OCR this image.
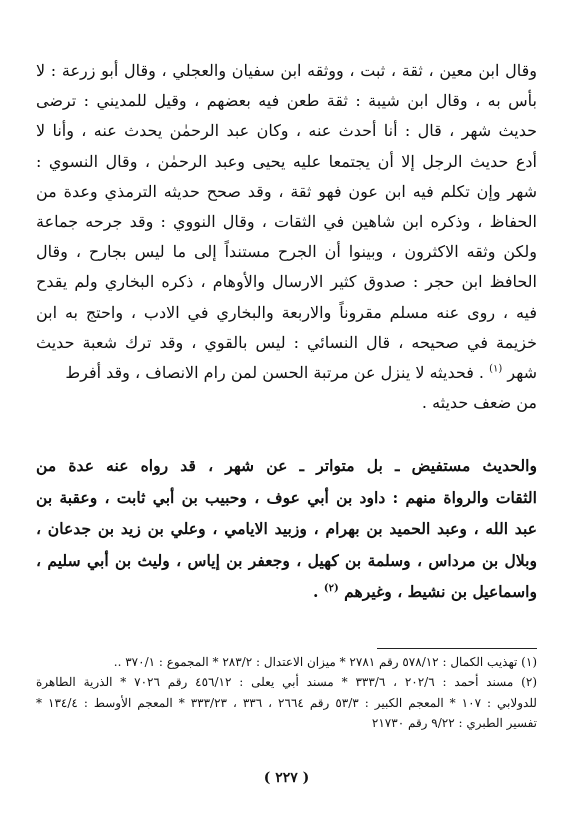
وقال ابن معين ، ثقة ، ثبت ، ووثقه ابن سفيان والعجلي ، وقال أبو زرعة : لا
بأس به ، وقال ابن شيبة : ثقة طعن فيه بعضهم ، وقيل للمديني : ترضى
حديث شهر ، قال : أنا أحدث عنه ، وكان عبد الرحمٰن يحدث عنه ، وأنا لا
أدع حديث الرجل إلا أن يجتمعا عليه يحيى وعبد الرحمٰن ، وقال النسوي :
شهر وإن تكلم فيه ابن عون فهو ثقة ، وقد صحح حديثه الترمذي وعدة من
الحفاظ ، وذكره ابن شاهين في الثقات ، وقال النووي : وقد جرحه جماعة
ولكن وثقه الاكثرون ، وبينوا أن الجرح مستنداً إلى ما ليس بجارح ، وقال
الحافظ ابن حجر : صدوق كثير الارسال والأوهام ، ذكره البخاري ولم يقدح
فيه ، روى عنه مسلم مقروناً والاربعة والبخاري في الادب ، واحتج به ابن
خزيمة في صحيحه ، قال النسائي : ليس بالقوي ، وقد ترك شعبة حديث
شهر $^{(١)}$ . فحديثه لا ينزل عن مرتبة الحسن لمن رام الانصاف ، وقد أفرط
من ضعف حديثه .
والحديث مستفيض ـ بل متواتر ـ عن شهر ، قد رواه عنه عدة من
الثقات والرواة منهم : داود بن أبي عوف ، وحبيب بن أبي ثابت ، وعقبة بن
عبد الله ، وعبد الحميد بن بهرام ، وزبيد الايامي ، وعلي بن زيد بن جدعان ،
وبلال بن مرداس ، وسلمة بن كهيل ، وجعفر بن إياس ، وليث بن أبي سليم ،
واسماعيل بن نشيط ، وغيرهم $^{(٢)}$ .
(١) تهذيب الكمال : ٥٧٨/١٢ رقم ٢٧٨١ * ميزان الاعتدال : ٢٨٣/٢ * المجموع : ٣٧٠/١ ..
(٢) مسند أحمد : ٢٠٢/٦ ، ٣٣٣/٦ * مسند أبي يعلى : ٤٥٦/١٢ رقم ٧٠٢٦ * الذرية الطاهرة
للدولابي : ١٠٧ * المعجم الكبير : ٥٣/٣ رقم ٢٦٦٤ ، ٣٣٦ ، ٣٣٣/٢٣ * المعجم الأوسط : ١٣٤/٤ *
تفسير الطبري : ٩/٢٢ رقم ٢١٧٣٠
( ٢٢٧ )
